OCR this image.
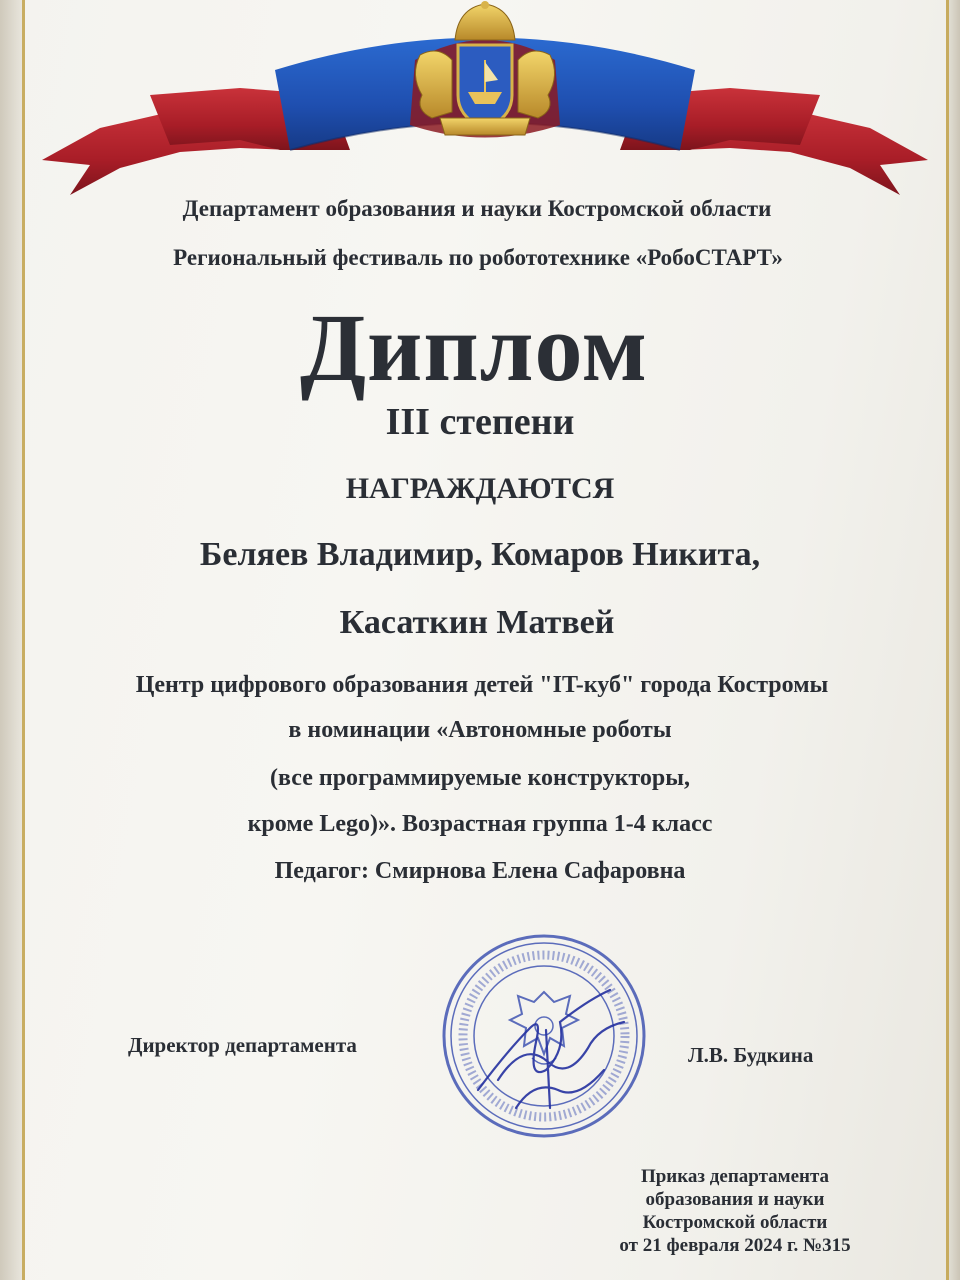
Департамент образования и науки Костромской области
Региональный фестиваль по робототехнике «РобоСТАРТ»
Диплом
III степени
НАГРАЖДАЮТСЯ
Беляев Владимир, Комаров Никита,
Касаткин Матвей
Центр цифрового образования детей "IT-куб" города Костромы
в номинации «Автономные роботы
(все программируемые конструкторы,
кроме Lego)». Возрастная группа 1-4 класс
Педагог: Смирнова Елена Сафаровна
Директор департамента	Л.В. Будкина
Приказ департамента
образования и науки
Костромской области
от 21 февраля 2024 г. №315
